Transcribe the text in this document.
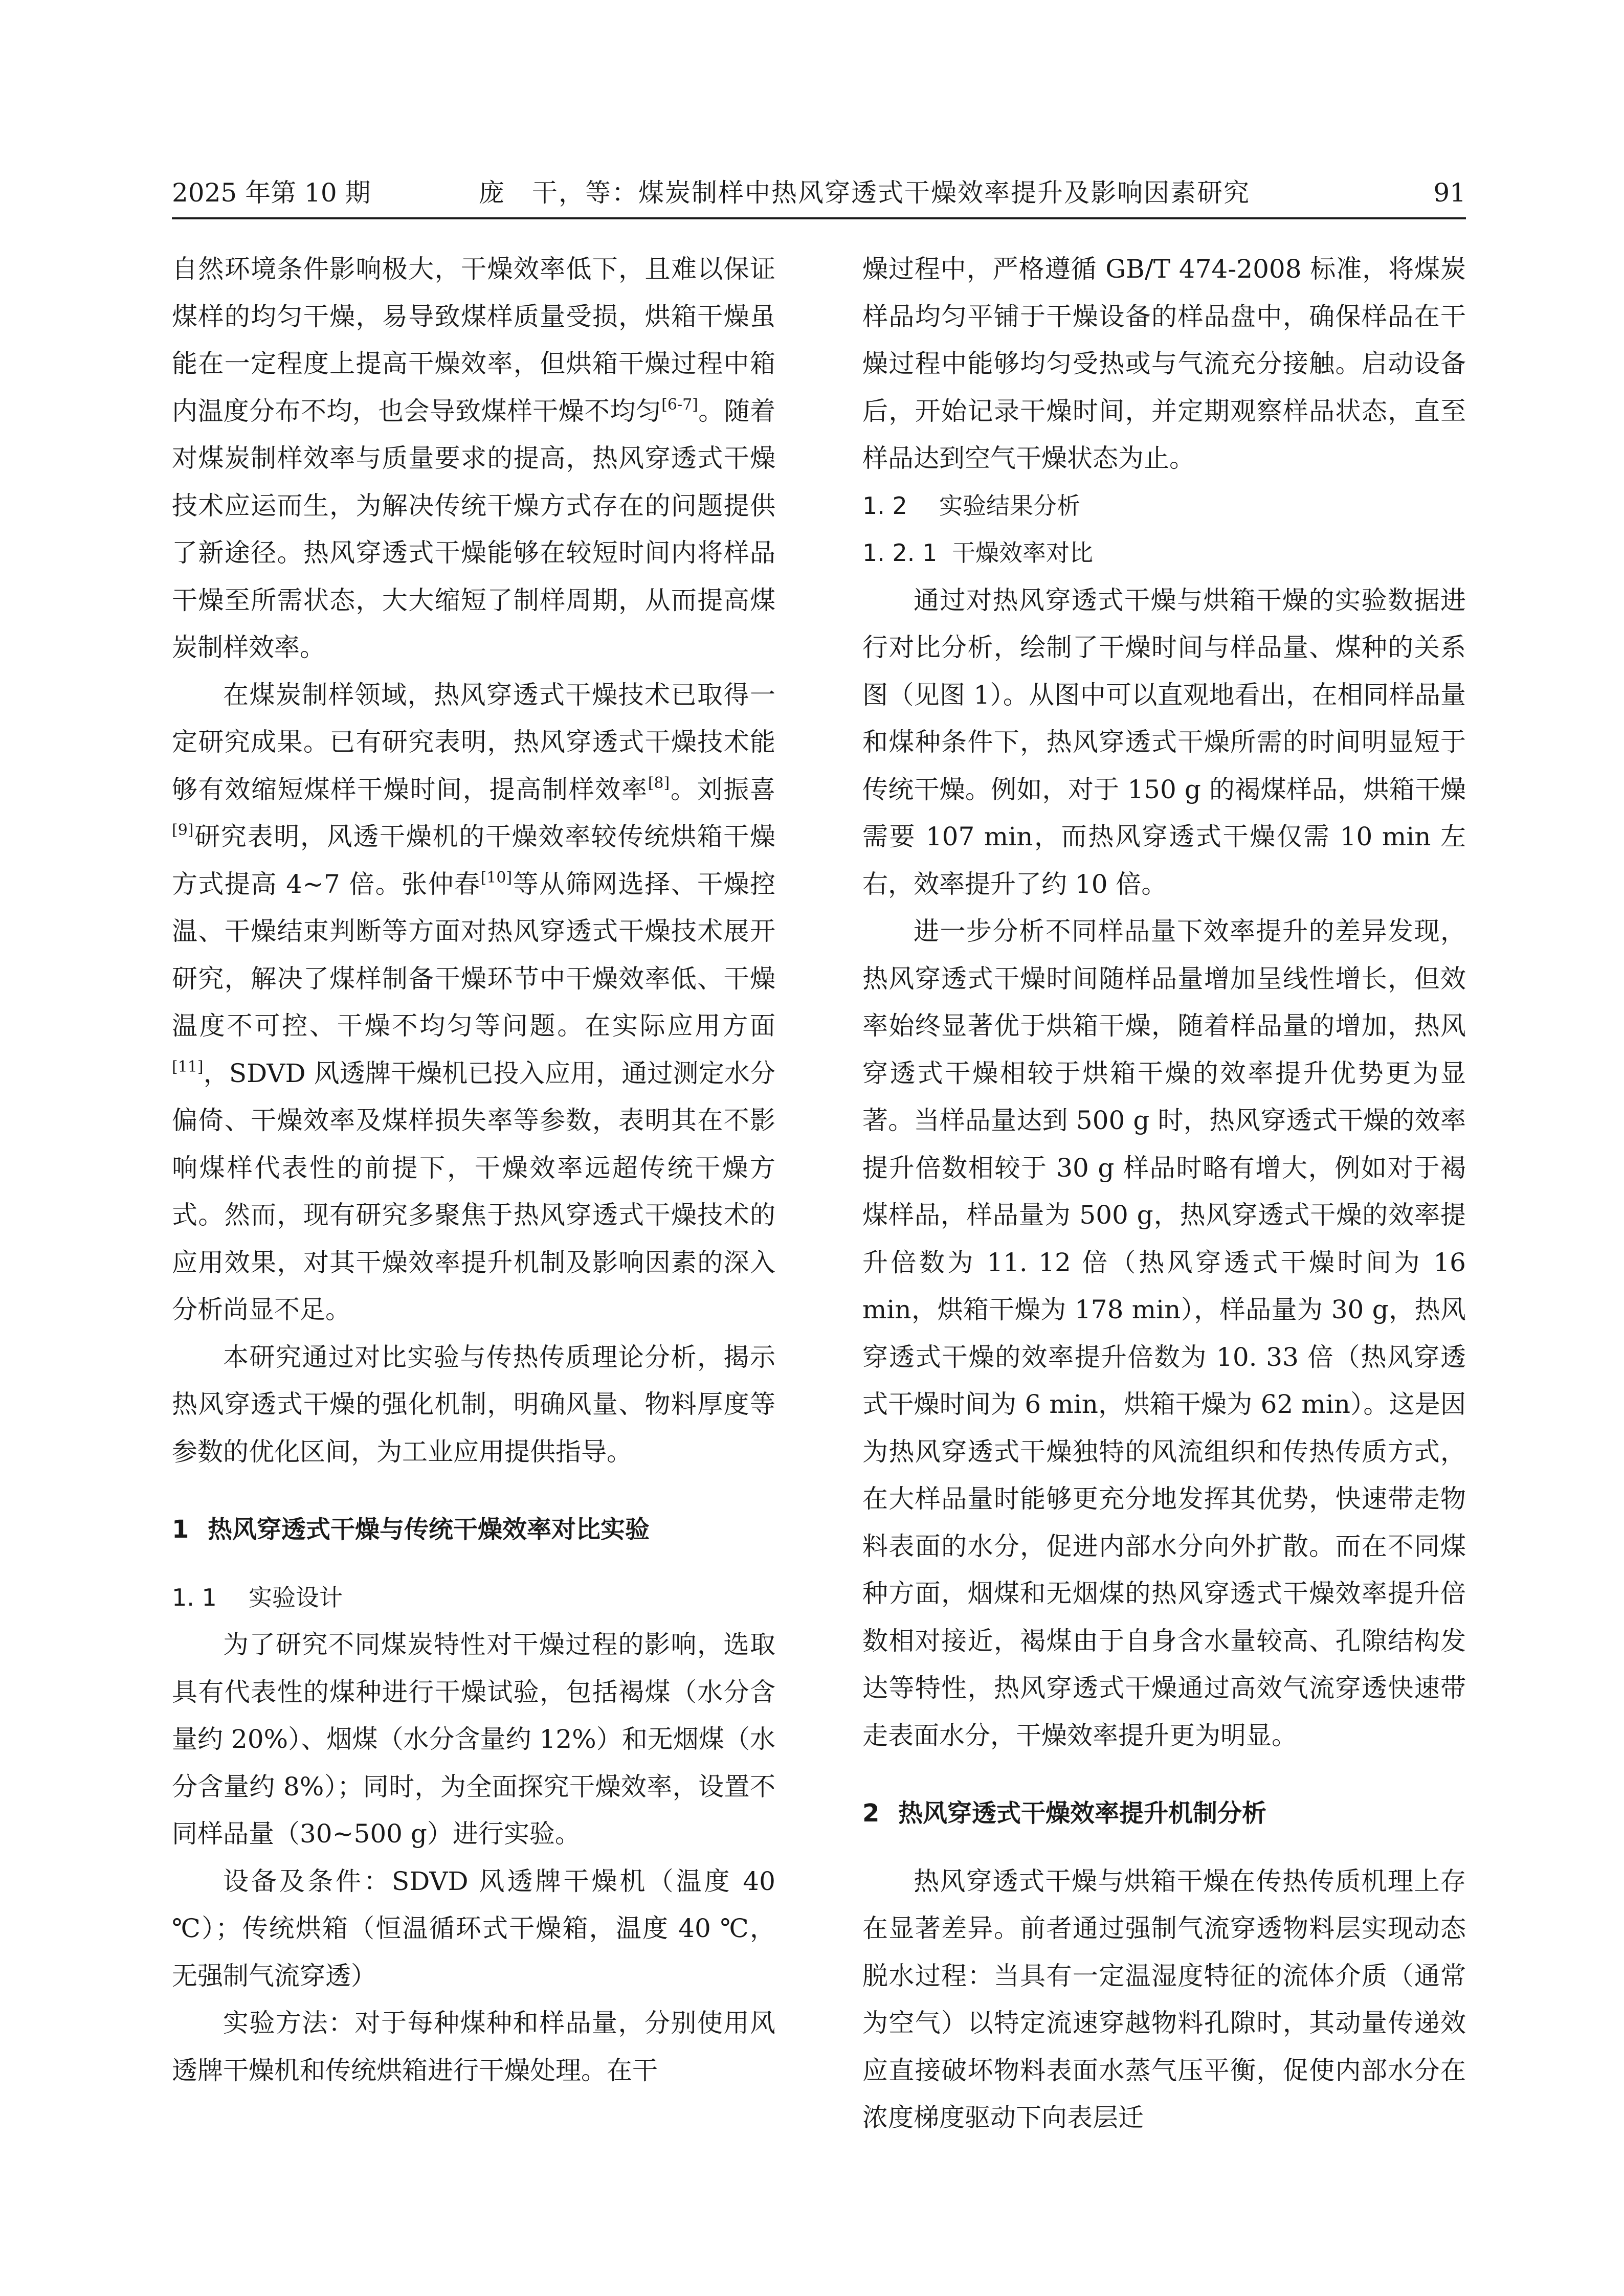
2025 年第 10 期	庞　干，等：煤炭制样中热风穿透式干燥效率提升及影响因素研究	91

自然环境条件影响极大，干燥效率低下，且难以保证煤样的均匀干燥，易导致煤样质量受损，烘箱干燥虽能在一定程度上提高干燥效率，但烘箱干燥过程中箱内温度分布不均，也会导致煤样干燥不均匀[6-7]。随着对煤炭制样效率与质量要求的提高，热风穿透式干燥技术应运而生，为解决传统干燥方式存在的问题提供了新途径。热风穿透式干燥能够在较短时间内将样品干燥至所需状态，大大缩短了制样周期，从而提高煤炭制样效率。

在煤炭制样领域，热风穿透式干燥技术已取得一定研究成果。已有研究表明，热风穿透式干燥技术能够有效缩短煤样干燥时间，提高制样效率[8]。刘振喜[9]研究表明，风透干燥机的干燥效率较传统烘箱干燥方式提高 4~7 倍。张仲春[10]等从筛网选择、干燥控温、干燥结束判断等方面对热风穿透式干燥技术展开研究，解决了煤样制备干燥环节中干燥效率低、干燥温度不可控、干燥不均匀等问题。在实际应用方面[11]，SDVD 风透牌干燥机已投入应用，通过测定水分偏倚、干燥效率及煤样损失率等参数，表明其在不影响煤样代表性的前提下，干燥效率远超传统干燥方式。然而，现有研究多聚焦于热风穿透式干燥技术的应用效果，对其干燥效率提升机制及影响因素的深入分析尚显不足。

本研究通过对比实验与传热传质理论分析，揭示热风穿透式干燥的强化机制，明确风量、物料厚度等参数的优化区间，为工业应用提供指导。

1 热风穿透式干燥与传统干燥效率对比实验

1. 1 实验设计

为了研究不同煤炭特性对干燥过程的影响，选取具有代表性的煤种进行干燥试验，包括褐煤（水分含量约 20%）、烟煤（水分含量约 12%）和无烟煤（水分含量约 8%）；同时，为全面探究干燥效率，设置不同样品量（30~500 g）进行实验。

设备及条件：SDVD 风透牌干燥机（温度 40 ℃）；传统烘箱（恒温循环式干燥箱，温度 40 ℃，无强制气流穿透）

实验方法：对于每种煤种和样品量，分别使用风透牌干燥机和传统烘箱进行干燥处理。在干

燥过程中，严格遵循 GB/T 474-2008 标准，将煤炭样品均匀平铺于干燥设备的样品盘中，确保样品在干燥过程中能够均匀受热或与气流充分接触。启动设备后，开始记录干燥时间，并定期观察样品状态，直至样品达到空气干燥状态为止。

1. 2 实验结果分析

1. 2. 1 干燥效率对比

通过对热风穿透式干燥与烘箱干燥的实验数据进行对比分析，绘制了干燥时间与样品量、煤种的关系图（见图 1）。从图中可以直观地看出，在相同样品量和煤种条件下，热风穿透式干燥所需的时间明显短于传统干燥。例如，对于 150 g 的褐煤样品，烘箱干燥需要 107 min，而热风穿透式干燥仅需 10 min 左右，效率提升了约 10 倍。

进一步分析不同样品量下效率提升的差异发现，热风穿透式干燥时间随样品量增加呈线性增长，但效率始终显著优于烘箱干燥，随着样品量的增加，热风穿透式干燥相较于烘箱干燥的效率提升优势更为显著。当样品量达到 500 g 时，热风穿透式干燥的效率提升倍数相较于 30 g 样品时略有增大，例如对于褐煤样品，样品量为 500 g，热风穿透式干燥的效率提升倍数为 11. 12 倍（热风穿透式干燥时间为 16 min，烘箱干燥为 178 min），样品量为 30 g，热风穿透式干燥的效率提升倍数为 10. 33 倍（热风穿透式干燥时间为 6 min，烘箱干燥为 62 min）。这是因为热风穿透式干燥独特的风流组织和传热传质方式，在大样品量时能够更充分地发挥其优势，快速带走物料表面的水分，促进内部水分向外扩散。而在不同煤种方面，烟煤和无烟煤的热风穿透式干燥效率提升倍数相对接近，褐煤由于自身含水量较高、孔隙结构发达等特性，热风穿透式干燥通过高效气流穿透快速带走表面水分，干燥效率提升更为明显。

2 热风穿透式干燥效率提升机制分析

热风穿透式干燥与烘箱干燥在传热传质机理上存在显著差异。前者通过强制气流穿透物料层实现动态脱水过程：当具有一定温湿度特征的流体介质（通常为空气）以特定流速穿越物料孔隙时，其动量传递效应直接破坏物料表面水蒸气压平衡，促使内部水分在浓度梯度驱动下向表层迁
